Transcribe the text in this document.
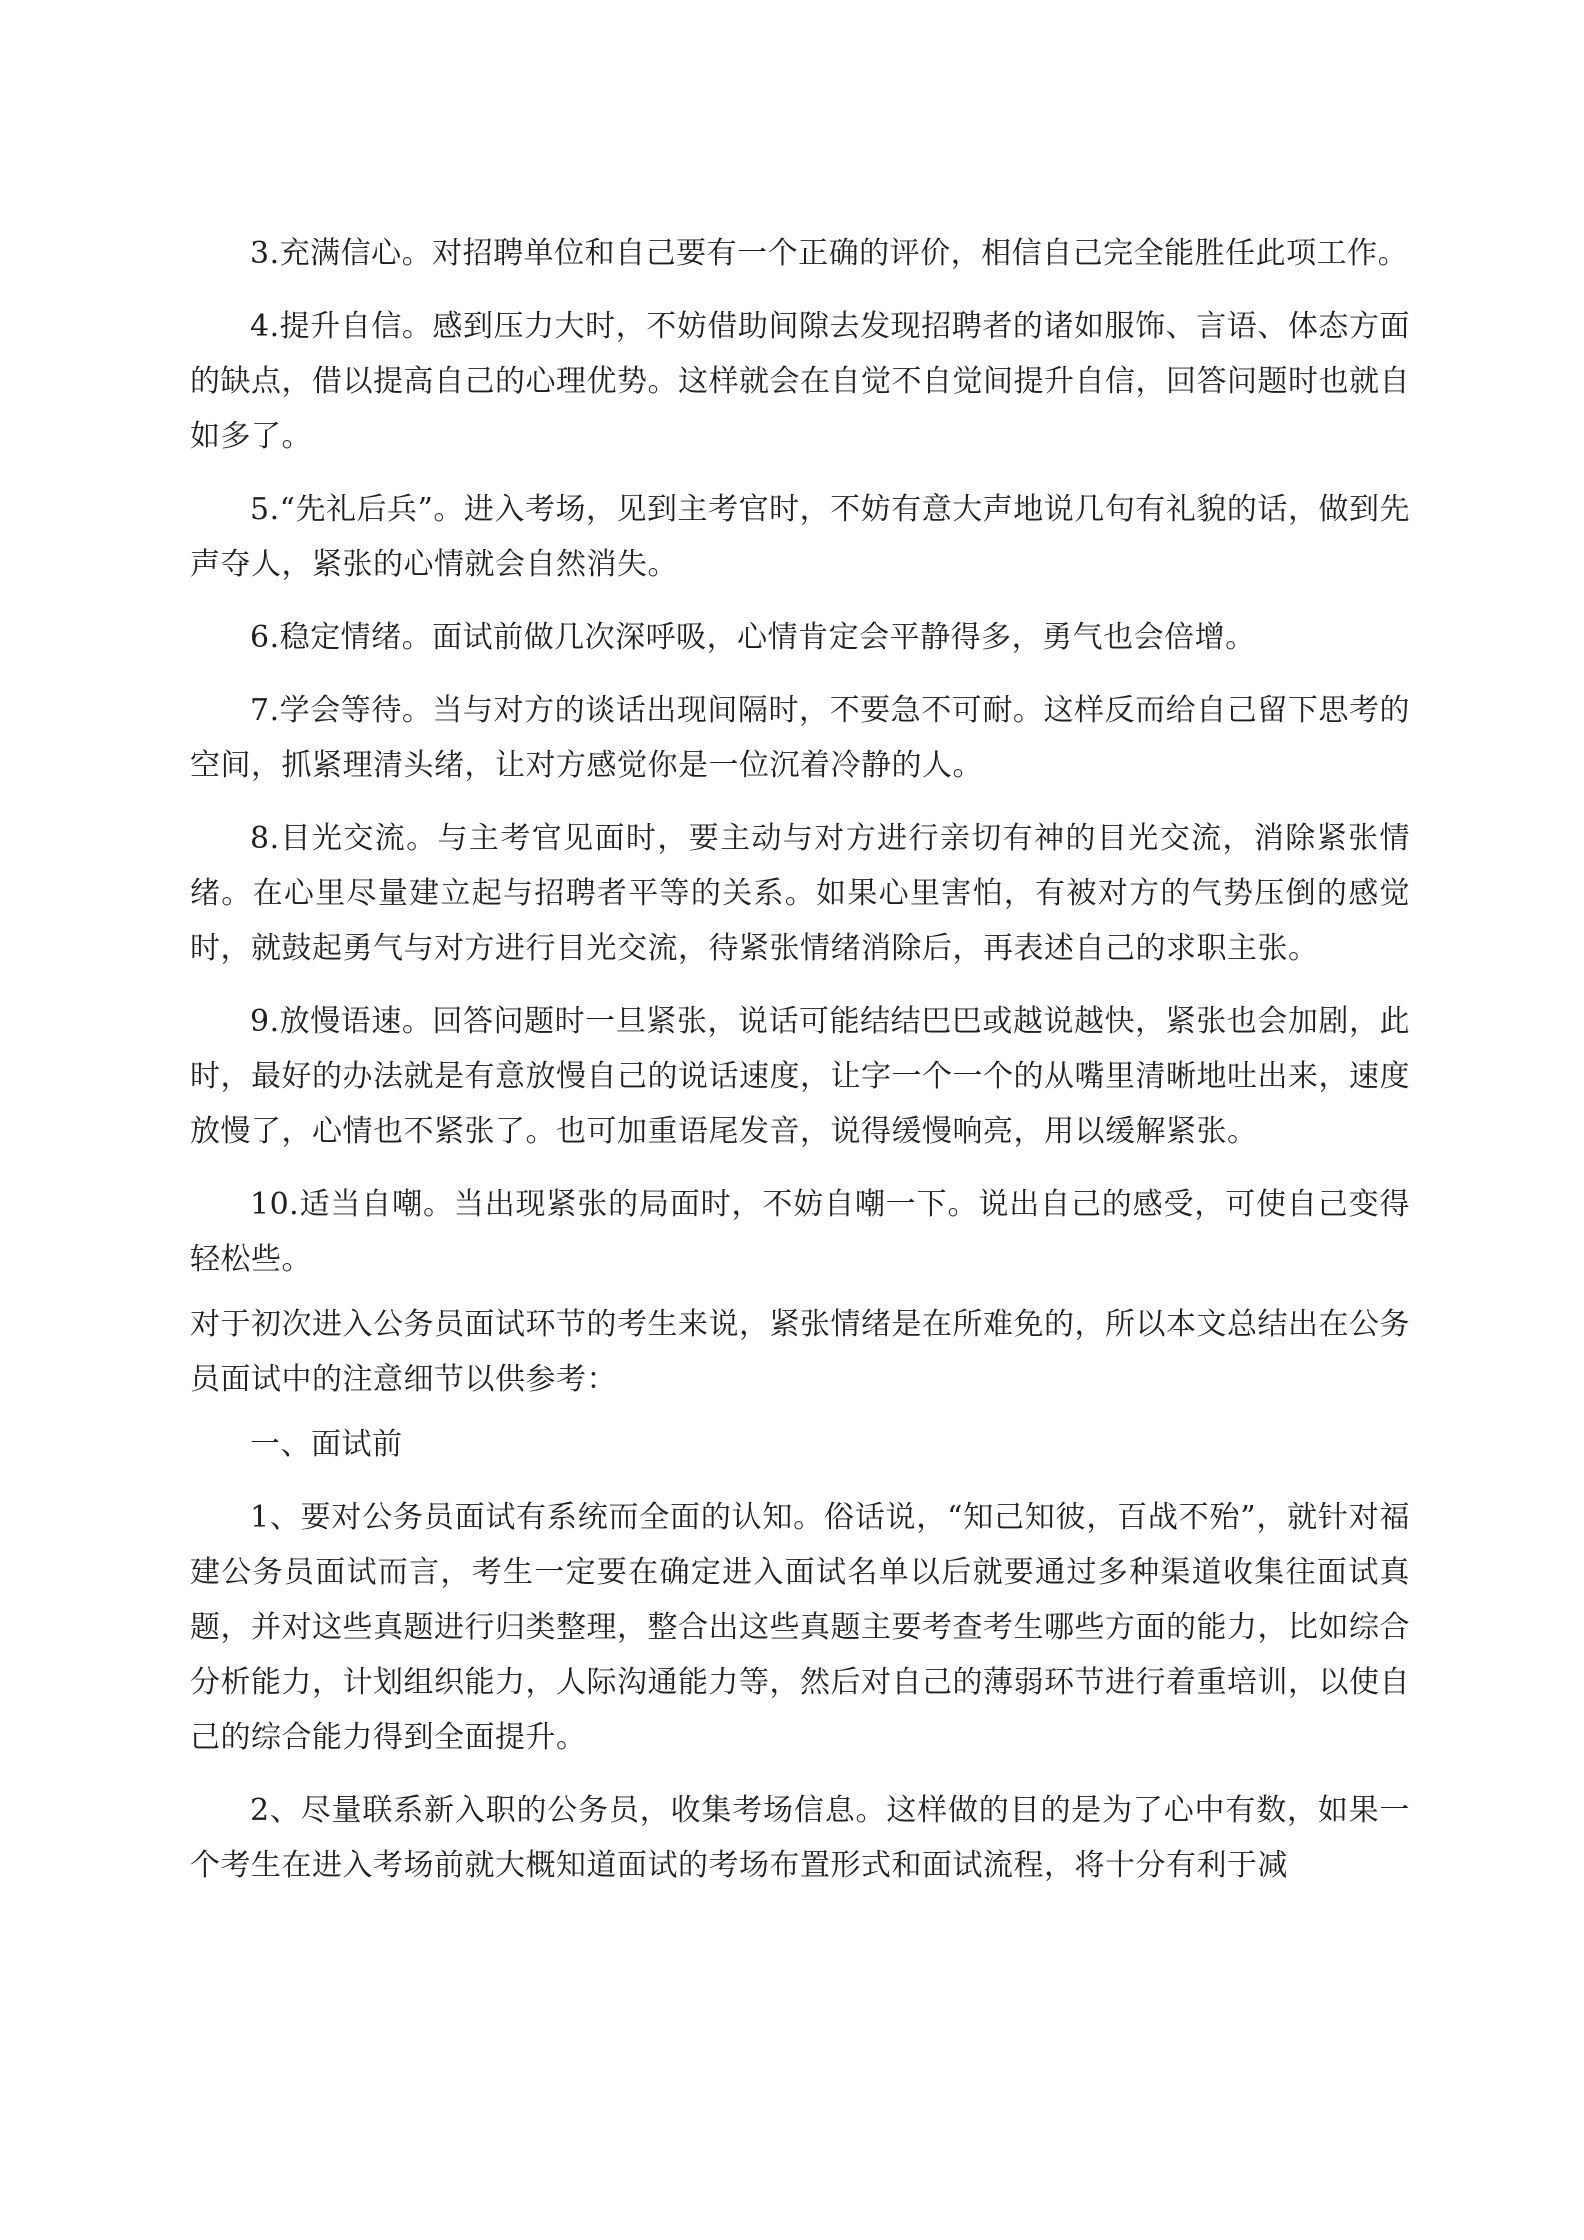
3.充满信心。对招聘单位和自己要有一个正确的评价，相信自己完全能胜任此项工作。

4.提升自信。感到压力大时，不妨借助间隙去发现招聘者的诸如服饰、言语、体态方面的缺点，借以提高自己的心理优势。这样就会在自觉不自觉间提升自信，回答问题时也就自如多了。

5.“先礼后兵”。进入考场，见到主考官时，不妨有意大声地说几句有礼貌的话，做到先声夺人，紧张的心情就会自然消失。

6.稳定情绪。面试前做几次深呼吸，心情肯定会平静得多，勇气也会倍增。

7.学会等待。当与对方的谈话出现间隔时，不要急不可耐。这样反而给自己留下思考的空间，抓紧理清头绪，让对方感觉你是一位沉着冷静的人。

8.目光交流。与主考官见面时，要主动与对方进行亲切有神的目光交流，消除紧张情绪。在心里尽量建立起与招聘者平等的关系。如果心里害怕，有被对方的气势压倒的感觉时，就鼓起勇气与对方进行目光交流，待紧张情绪消除后，再表述自己的求职主张。

9.放慢语速。回答问题时一旦紧张，说话可能结结巴巴或越说越快，紧张也会加剧，此时，最好的办法就是有意放慢自己的说话速度，让字一个一个的从嘴里清晰地吐出来，速度放慢了，心情也不紧张了。也可加重语尾发音，说得缓慢响亮，用以缓解紧张。

10.适当自嘲。当出现紧张的局面时，不妨自嘲一下。说出自己的感受，可使自己变得轻松些。

对于初次进入公务员面试环节的考生来说，紧张情绪是在所难免的，所以本文总结出在公务员面试中的注意细节以供参考：

一、面试前

1、要对公务员面试有系统而全面的认知。俗话说，“知己知彼，百战不殆”，就针对福建公务员面试而言，考生一定要在确定进入面试名单以后就要通过多种渠道收集往面试真题，并对这些真题进行归类整理，整合出这些真题主要考查考生哪些方面的能力，比如综合分析能力，计划组织能力，人际沟通能力等，然后对自己的薄弱环节进行着重培训，以使自己的综合能力得到全面提升。

2、尽量联系新入职的公务员，收集考场信息。这样做的目的是为了心中有数，如果一个考生在进入考场前就大概知道面试的考场布置形式和面试流程，将十分有利于减
